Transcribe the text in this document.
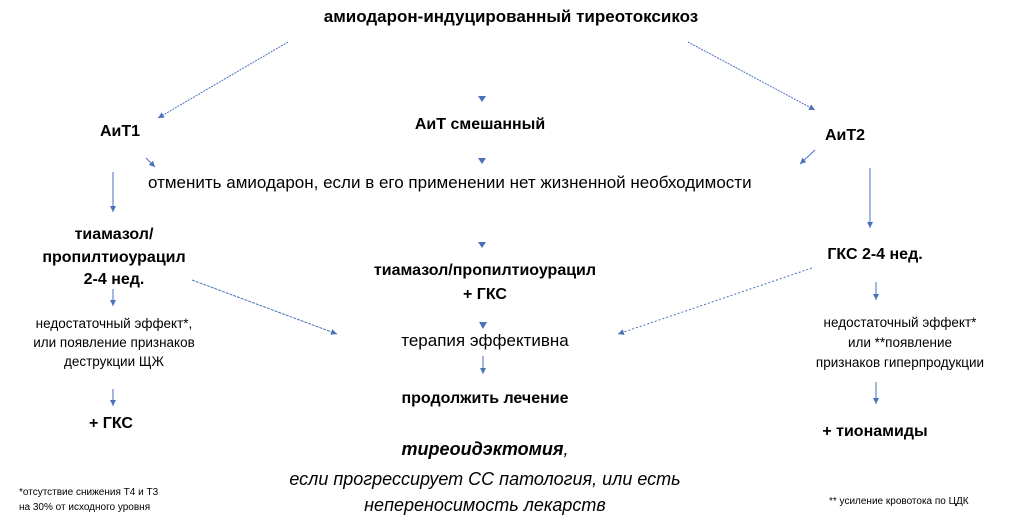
амиодарон-индуцированный тиреотоксикоз
АиТ1	АиТ смешанный
АиТ2
отменить амиодарон, если в его применении нет жизненной необходимости
тиамазол/
пропилтиоурацил
2-4 нед.
недостаточный эффект*,
или появление признаков
деструкции ЩЖ
+ ГКС
тиамазол/пропилтиоурацил
+ ГКС
терапия эффективна
продолжить лечение
тиреоидэктомия,
если прогрессирует СС патология, или есть
непереносимость лекарств
ГКС 2-4 нед.
недостаточный эффект*
или **появление
признаков гиперпродукции
+ тионамиды
*отсутствие снижения Т4 и Т3
на 30% от исходного уровня
** усиление кровотока по ЦДК
